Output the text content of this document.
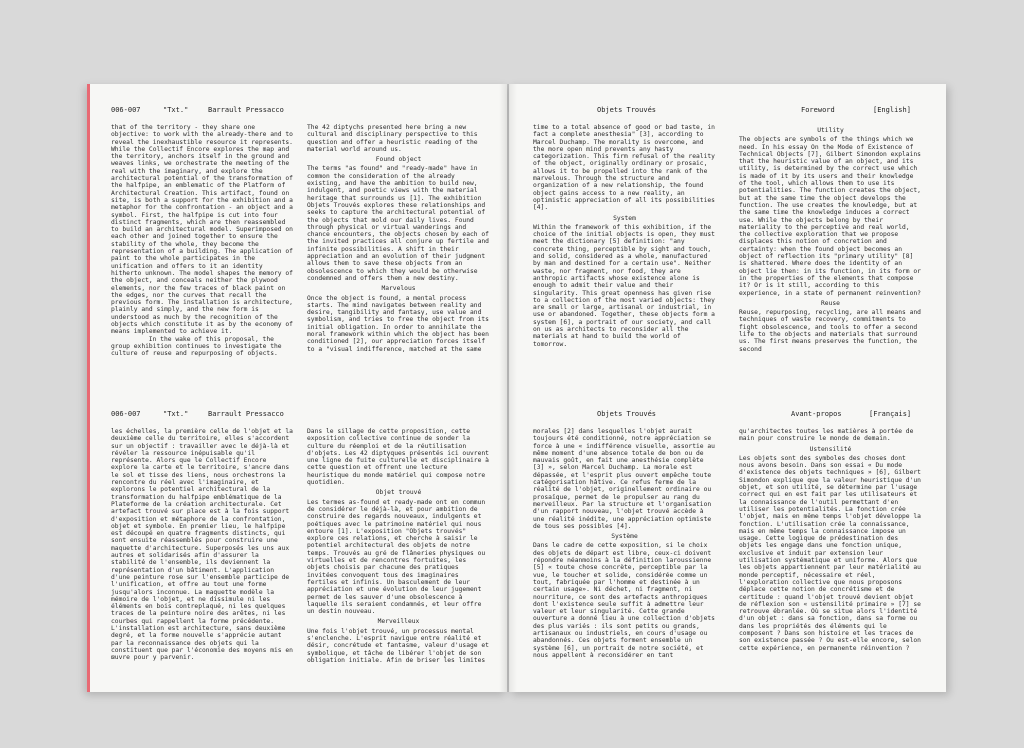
006-007	"Txt."	Barrault Pressacco

that of the territory - they share one objective: to work with the already-there and to reveal the inexhaustible resource it represents. While the Collectif Encore explores the map and the territory, anchors itself in the ground and weaves links, we orchestrate the meeting of the real with the imaginary, and explore the architectural potential of the transformation of the halfpipe, an emblematic of the Platform of Architectural Creation. This artifact, found on site, is both a support for the exhibition and a metaphor for the confrontation - an object and a symbol. First, the halfpipe is cut into four distinct fragments, which are then reassembled to build an architectural model. Superimposed on each other and joined together to ensure the stability of the whole, they become the representation of a building. The application of paint to the whole participates in the unification and offers to it an identity hitherto unknown. The model shapes the memory of the object, and conceals neither the plywood elements, nor the few traces of black paint on the edges, nor the curves that recall the previous form. The installation is architecture, plainly and simply, and the new form is understood as much by the recognition of the objects which constitute it as by the economy of means implemented to achieve it.

In the wake of this proposal, the group exhibition continues to investigate the culture of reuse and repurposing of objects.

The 42 diptychs presented here bring a new cultural and disciplinary perspective to this question and offer a heuristic reading of the material world around us.

Found object

The terms "as found" and "ready-made" have in common the consideration of the already existing, and have the ambition to build new, indulgent, and poetic views with the material heritage that surrounds us [1]. The exhibition Objets Trouvés explores these relationships and seeks to capture the architectural potential of the objects that mold our daily lives. Found through physical or virtual wanderings and chance encounters, the objects chosen by each of the invited practices all conjure up fertile and infinite possibilities. A shift in their appreciation and an evolution of their judgment allows them to save these objects from an obsolescence to which they would be otherwise condemned and offers them a new destiny.

Marvelous

Once the object is found, a mental process starts. The mind navigates between reality and desire, tangibility and fantasy, use value and symbolism, and tries to free the object from its initial obligation. In order to annihilate the moral framework within which the object has been conditioned [2], our appreciation forces itself to a "visual indifference, matched at the same

006-007	"Txt."	Barrault Pressacco

les échelles, la première celle de l'objet et la deuxième celle du territoire, elles s'accordent sur un objectif : travailler avec le déjà-là et révéler la ressource inépuisable qu'il représente. Alors que le Collectif Encore explore la carte et le territoire, s'ancre dans le sol et tisse des liens, nous orchestrons la rencontre du réel avec l'imaginaire, et explorons le potentiel architectural de la transformation du halfpipe emblématique de la Plateforme de la création architecturale. Cet artefact trouvé sur place est à la fois support d'exposition et métaphore de la confrontation, objet et symbole. En premier lieu, le halfpipe est découpé en quatre fragments distincts, qui sont ensuite réassemblés pour construire une maquette d'architecture. Superposés les uns aux autres et solidarisés afin d'assurer la stabilité de l'ensemble, ils deviennent la représentation d'un bâtiment. L'application d'une peinture rose sur l'ensemble participe de l'unification, et offre au tout une forme jusqu'alors inconnue. La maquette modèle la mémoire de l'objet, et ne dissimule ni les éléments en bois contreplaqué, ni les quelques traces de la peinture noire des arêtes, ni les courbes qui rappellent la forme précédente. L'installation est architecture, sans deuxième degré, et la forme nouvelle s'apprécie autant par la reconnaissance des objets qui la constituent que par l'économie des moyens mis en œuvre pour y parvenir.

Dans le sillage de cette proposition, cette exposition collective continue de sonder la culture du réemploi et de la réutilisation d'objets. Les 42 diptyques présentés ici ouvrent une ligne de fuite culturelle et disciplinaire à cette question et offrent une lecture heuristique du monde matériel qui compose notre quotidien.

Objet trouvé

Les termes as-found et ready-made ont en commun de considérer le déjà-là, et pour ambition de construire des regards nouveaux, indulgents et poétiques avec le patrimoine matériel qui nous entoure [1]. L'exposition "Objets trouvés" explore ces relations, et cherche à saisir le potentiel architectural des objets de notre temps. Trouvés au gré de flâneries physiques ou virtuelles et de rencontres fortuites, les objets choisis par chacune des pratiques invitées convoquent tous des imaginaires fertiles et infinis. Un basculement de leur appréciation et une évolution de leur jugement permet de les sauver d'une obsolescence à laquelle ils seraient condamnés, et leur offre un destin nouveau.

Merveilleux

Une fois l'objet trouvé, un processus mental s'enclenche. L'esprit navigue entre réalité et désir, concrétude et fantasme, valeur d'usage et symbolique, et tâche de libérer l'objet de son obligation initiale. Afin de briser les limites

Objets Trouvés	Foreword	[English]

time to a total absence of good or bad taste, in fact a complete anesthesia" [3], according to Marcel Duchamp. The morality is overcome, and the more open mind prevents any hasty categorization. This firm refusal of the reality of the object, originally ordinary or prosaic, allows it to be propelled into the rank of the marvelous. Through the structure and organization of a new relationship, the found object gains access to a new reality, an optimistic appreciation of all its possibilities [4].

System

Within the framework of this exhibition, if the choice of the initial objects is open, they must meet the dictionary [5] definition: "any concrete thing, perceptible by sight and touch, and solid, considered as a whole, manufactured by man and destined for a certain use". Neither waste, nor fragment, nor food, they are anthropic artifacts whose existence alone is enough to admit their value and their singularity. This great openness has given rise to a collection of the most varied objects: they are small or large, artisanal or industrial, in use or abandoned. Together, these objects form a system [6], a portrait of our society, and call on us as architects to reconsider all the materials at hand to build the world of tomorrow.

Utility

The objects are symbols of the things which we need. In his essay On the Mode of Existence of Technical Objects [7], Gilbert Simondon explains that the heuristic value of an object, and its utility, is determined by the correct use which is made of it by its users and their knowledge of the tool, which allows them to use its potentialities. The function creates the object, but at the same time the object develops the function. The use creates the knowledge, but at the same time the knowledge induces a correct use. While the objects belong by their materiality to the perceptive and real world, the collective exploration that we propose displaces this notion of concretion and certainty: when the found object becomes an object of reflection its "primary utility" [8] is shattered. Where does the identity of an object lie then: in its function, in its form or in the properties of the elements that compose it? Or is it still, according to this experience, in a state of permanent reinvention?

Reuse

Reuse, repurposing, recycling, are all means and techniques of waste recovery, commitments to fight obsolescence, and tools to offer a second life to the objects and materials that surround us. The first means preserves the function, the second

Objets Trouvés	Avant-propos	[Français]

morales [2] dans lesquelles l'objet aurait toujours été conditionné, notre appréciation se force à une « indifférence visuelle, assortie au même moment d'une absence totale de bon ou de mauvais goût, en fait une anesthésie complète [3] », selon Marcel Duchamp. La morale est dépassée, et l'esprit plus ouvert empêche toute catégorisation hâtive. Ce refus ferme de la réalité de l'objet, originellement ordinaire ou prosaïque, permet de le propulser au rang du merveilleux. Par la structure et l'organisation d'un rapport nouveau, l'objet trouvé accède à une réalité inédite, une appréciation optimiste de tous ses possibles [4].

Système

Dans le cadre de cette exposition, si le choix des objets de départ est libre, ceux-ci doivent répondre néanmoins à la définition laroussienne [5] « toute chose concrète, perceptible par la vue, le toucher et solide, considérée comme un tout, fabriquée par l'homme et destinée à un certain usage». Ni déchet, ni fragment, ni nourriture, ce sont des artefacts anthropiques dont l'existence seule suffit à admettre leur valeur et leur singularité. Cette grande ouverture a donné lieu à une collection d'objets des plus variés : ils sont petits ou grands, artisanaux ou industriels, en cours d'usage ou abandonnés. Ces objets forment ensemble un système [6], un portrait de notre société, et nous appellent à reconsidérer en tant

qu'architectes toutes les matières à portée de main pour construire le monde de demain.

Ustensilité

Les objets sont des symboles des choses dont nous avons besoin. Dans son essai « Du mode d'existence des objets techniques » [6], Gilbert Simondon explique que la valeur heuristique d'un objet, et son utilité, se détermine par l'usage correct qui en est fait par les utilisateurs et la connaissance de l'outil permettant d'en utiliser les potentialités. La fonction crée l'objet, mais en même temps l'objet développe la fonction. L'utilisation crée la connaissance, mais en même temps la connaissance impose un usage. Cette logique de prédestination des objets les engage dans une fonction unique, exclusive et induit par extension leur utilisation systématique et uniforme. Alors que les objets appartiennent par leur matérialité au monde perceptif, nécessaire et réel, l'exploration collective que nous proposons déplace cette notion de concrétisme et de certitude : quand l'objet trouvé devient objet de réflexion son « ustensilité primaire » [7] se retrouve ébranlée. Où se situe alors l'identité d'un objet : dans sa fonction, dans sa forme ou dans les propriétés des éléments qui le composent ? Dans son histoire et les traces de son existence passée ? Ou est-elle encore, selon cette expérience, en permanente réinvention ?
